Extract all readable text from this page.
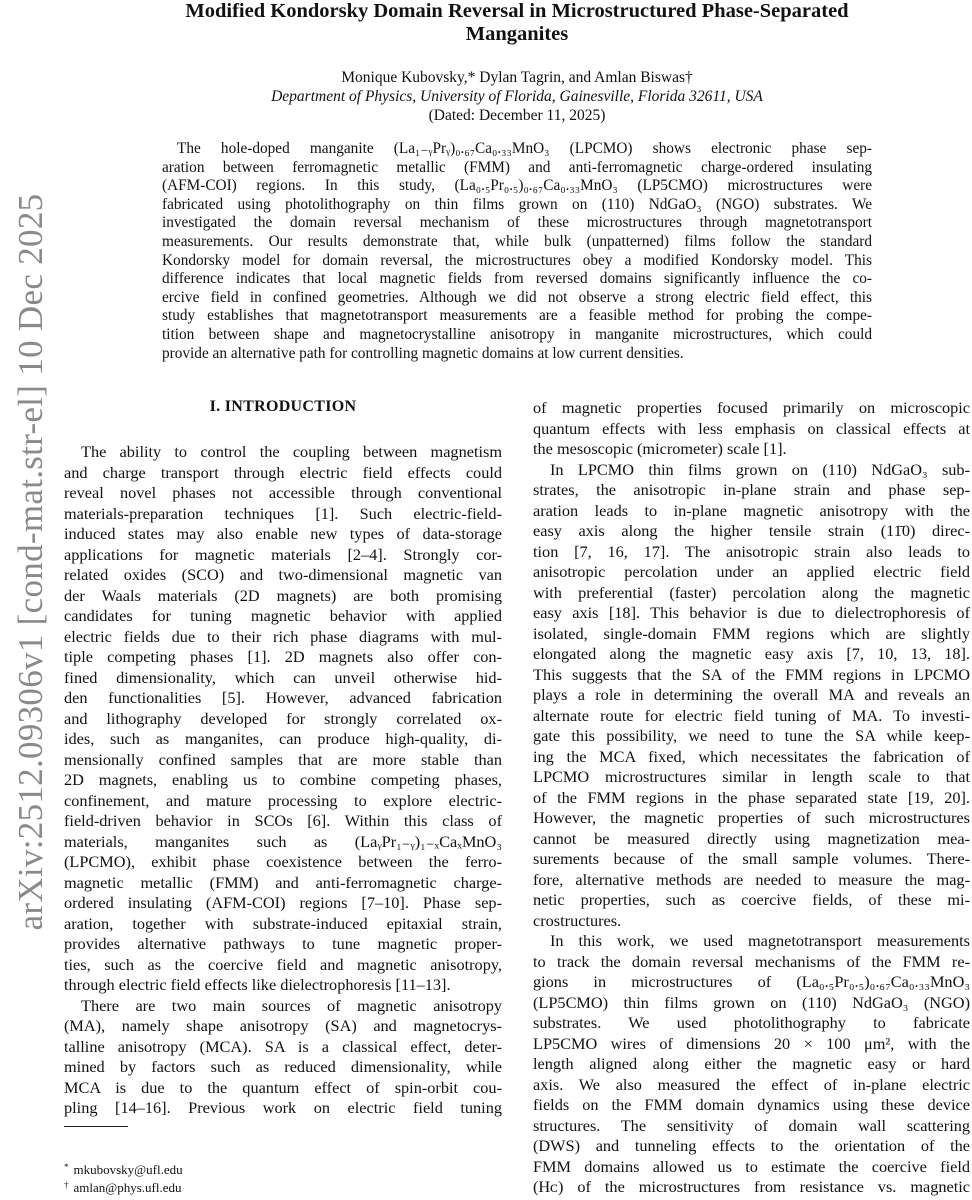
arXiv:2512.09306v1 [cond-mat.str-el] 10 Dec 2025
Modified Kondorsky Domain Reversal in Microstructured Phase-Separated
Manganites
Monique Kubovsky,* Dylan Tagrin, and Amlan Biswas†
Department of Physics, University of Florida, Gainesville, Florida 32611, USA
(Dated: December 11, 2025)
The hole-doped manganite (La₁₋ᵧPrᵧ)₀.₆₇Ca₀.₃₃MnO₃ (LPCMO) shows electronic phase sep-
aration between ferromagnetic metallic (FMM) and anti-ferromagnetic charge-ordered insulating
(AFM-COI) regions. In this study, (La₀.₅Pr₀.₅)₀.₆₇Ca₀.₃₃MnO₃ (LP5CMO) microstructures were
fabricated using photolithography on thin films grown on (110) NdGaO₃ (NGO) substrates. We
investigated the domain reversal mechanism of these microstructures through magnetotransport
measurements. Our results demonstrate that, while bulk (unpatterned) films follow the standard
Kondorsky model for domain reversal, the microstructures obey a modified Kondorsky model. This
difference indicates that local magnetic fields from reversed domains significantly influence the co-
ercive field in confined geometries. Although we did not observe a strong electric field effect, this
study establishes that magnetotransport measurements are a feasible method for probing the compe-
tition between shape and magnetocrystalline anisotropy in manganite microstructures, which could
provide an alternative path for controlling magnetic domains at low current densities.
I. INTRODUCTION
The ability to control the coupling between magnetism
and charge transport through electric field effects could
reveal novel phases not accessible through conventional
materials-preparation techniques [1]. Such electric-field-
induced states may also enable new types of data-storage
applications for magnetic materials [2–4]. Strongly cor-
related oxides (SCO) and two-dimensional magnetic van
der Waals materials (2D magnets) are both promising
candidates for tuning magnetic behavior with applied
electric fields due to their rich phase diagrams with mul-
tiple competing phases [1]. 2D magnets also offer con-
fined dimensionality, which can unveil otherwise hid-
den functionalities [5]. However, advanced fabrication
and lithography developed for strongly correlated ox-
ides, such as manganites, can produce high-quality, di-
mensionally confined samples that are more stable than
2D magnets, enabling us to combine competing phases,
confinement, and mature processing to explore electric-
field-driven behavior in SCOs [6]. Within this class of
materials, manganites such as (LaᵧPr₁₋ᵧ)₁₋ₓCaₓMnO₃
(LPCMO), exhibit phase coexistence between the ferro-
magnetic metallic (FMM) and anti-ferromagnetic charge-
ordered insulating (AFM-COI) regions [7–10]. Phase sep-
aration, together with substrate-induced epitaxial strain,
provides alternative pathways to tune magnetic proper-
ties, such as the coercive field and magnetic anisotropy,
through electric field effects like dielectrophoresis [11–13].
There are two main sources of magnetic anisotropy
(MA), namely shape anisotropy (SA) and magnetocrys-
talline anisotropy (MCA). SA is a classical effect, deter-
mined by factors such as reduced dimensionality, while
MCA is due to the quantum effect of spin-orbit cou-
pling [14–16]. Previous work on electric field tuning
of magnetic properties focused primarily on microscopic
quantum effects with less emphasis on classical effects at
the mesoscopic (micrometer) scale [1].
In LPCMO thin films grown on (110) NdGaO₃ sub-
strates, the anisotropic in-plane strain and phase sep-
aration leads to in-plane magnetic anisotropy with the
easy axis along the higher tensile strain (11̄0) direc-
tion [7, 16, 17]. The anisotropic strain also leads to
anisotropic percolation under an applied electric field
with preferential (faster) percolation along the magnetic
easy axis [18]. This behavior is due to dielectrophoresis of
isolated, single-domain FMM regions which are slightly
elongated along the magnetic easy axis [7, 10, 13, 18].
This suggests that the SA of the FMM regions in LPCMO
plays a role in determining the overall MA and reveals an
alternate route for electric field tuning of MA. To investi-
gate this possibility, we need to tune the SA while keep-
ing the MCA fixed, which necessitates the fabrication of
LPCMO microstructures similar in length scale to that
of the FMM regions in the phase separated state [19, 20].
However, the magnetic properties of such microstructures
cannot be measured directly using magnetization mea-
surements because of the small sample volumes. There-
fore, alternative methods are needed to measure the mag-
netic properties, such as coercive fields, of these mi-
crostructures.
In this work, we used magnetotransport measurements
to track the domain reversal mechanisms of the FMM re-
gions in microstructures of (La₀.₅Pr₀.₅)₀.₆₇Ca₀.₃₃MnO₃
(LP5CMO) thin films grown on (110) NdGaO₃ (NGO)
substrates. We used photolithography to fabricate
LP5CMO wires of dimensions 20 × 100 μm², with the
length aligned along either the magnetic easy or hard
axis. We also measured the effect of in-plane electric
fields on the FMM domain dynamics using these device
structures. The sensitivity of domain wall scattering
(DWS) and tunneling effects to the orientation of the
FMM domains allowed us to estimate the coercive field
(Hᴄ) of the microstructures from resistance vs. magnetic
* mkubovsky@ufl.edu
† amlan@phys.ufl.edu
